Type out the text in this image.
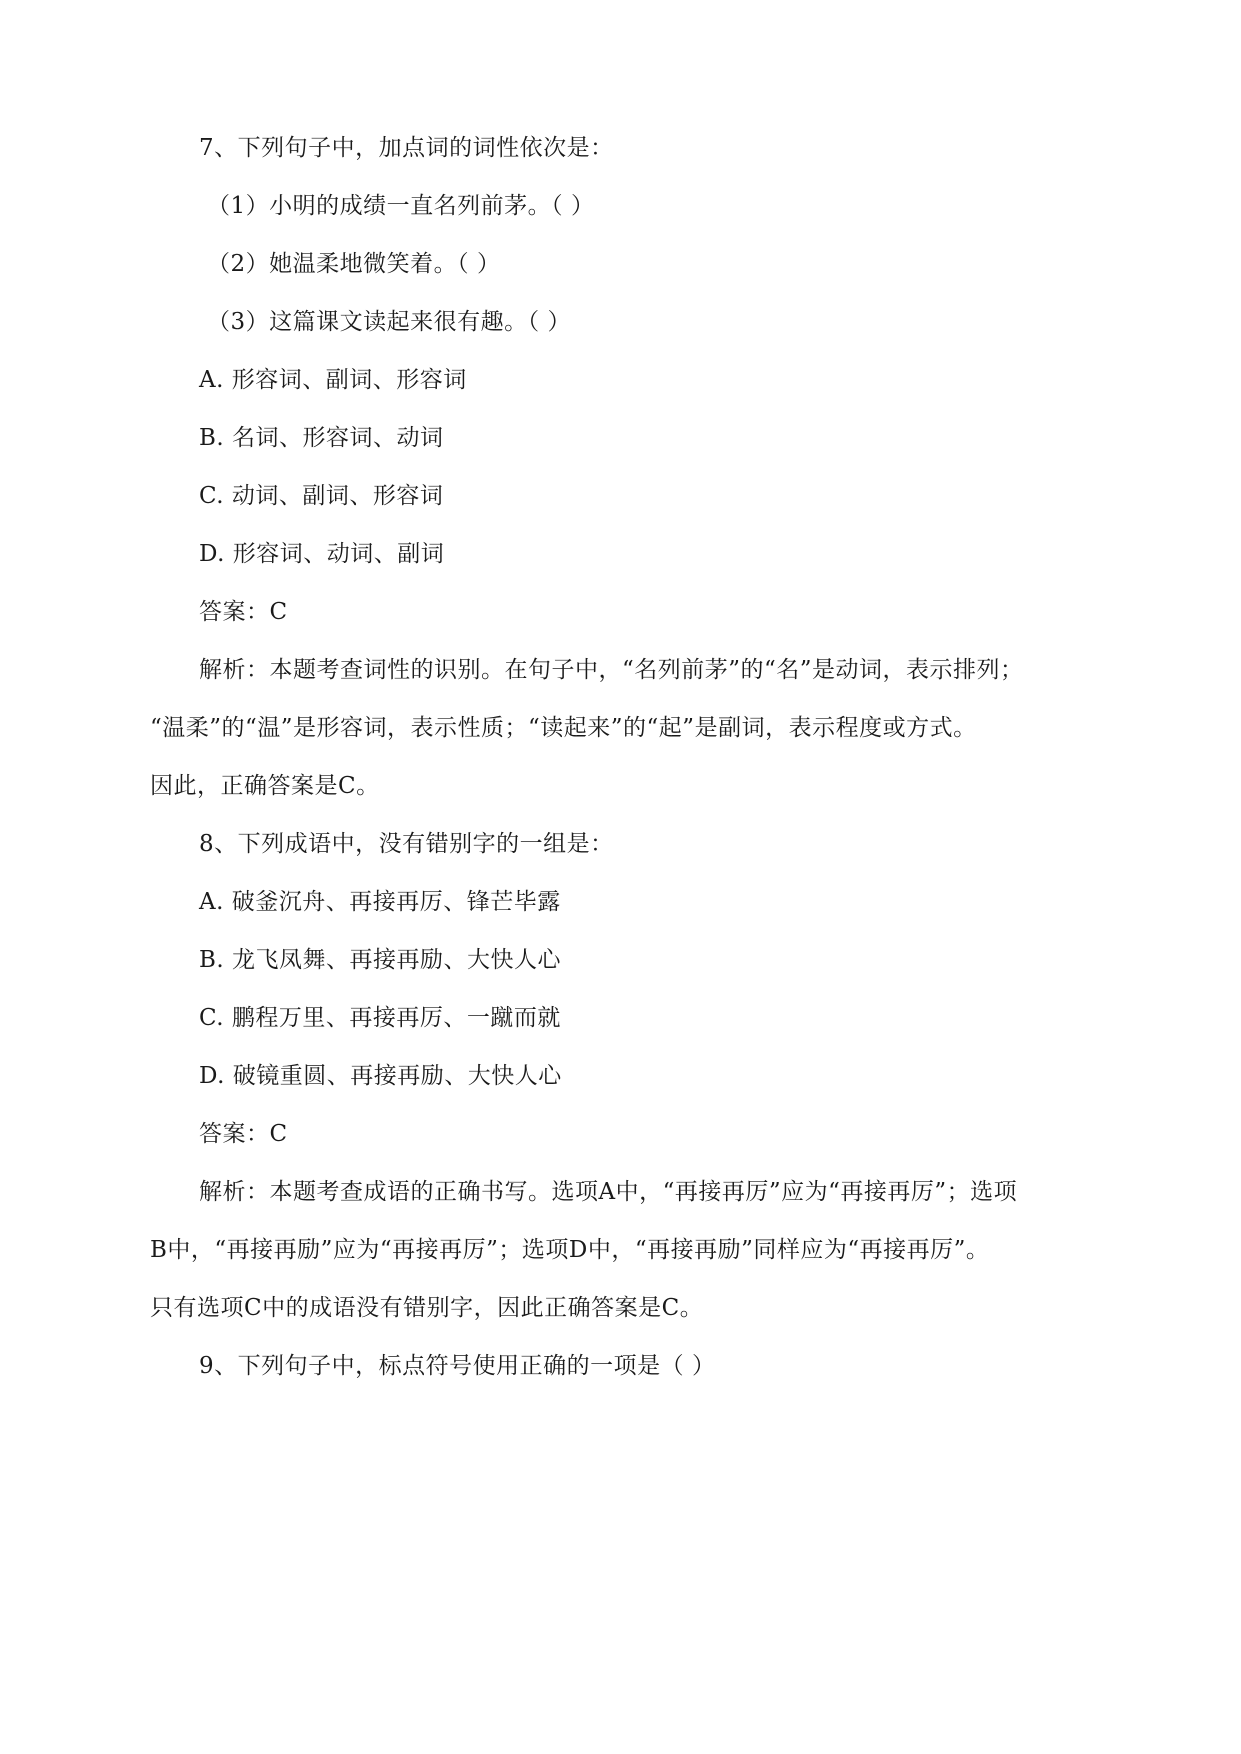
7、下列句子中，加点词的词性依次是：
（1）小明的成绩一直名列前茅。（ ）
（2）她温柔地微笑着。（ ）
（3）这篇课文读起来很有趣。（ ）
A. 形容词、副词、形容词
B. 名词、形容词、动词
C. 动词、副词、形容词
D. 形容词、动词、副词
答案：C
解析：本题考查词性的识别。在句子中，“名列前茅”的“名”是动词，表示排列；
“温柔”的“温”是形容词，表示性质；“读起来”的“起”是副词，表示程度或方式。
因此，正确答案是C。
8、下列成语中，没有错别字的一组是：
A. 破釜沉舟、再接再厉、锋芒毕露
B. 龙飞凤舞、再接再励、大快人心
C. 鹏程万里、再接再厉、一蹴而就
D. 破镜重圆、再接再励、大快人心
答案：C
解析：本题考查成语的正确书写。选项A中，“再接再厉”应为“再接再厉”；选项
B中，“再接再励”应为“再接再厉”；选项D中，“再接再励”同样应为“再接再厉”。
只有选项C中的成语没有错别字，因此正确答案是C。
9、下列句子中，标点符号使用正确的一项是（ ）
